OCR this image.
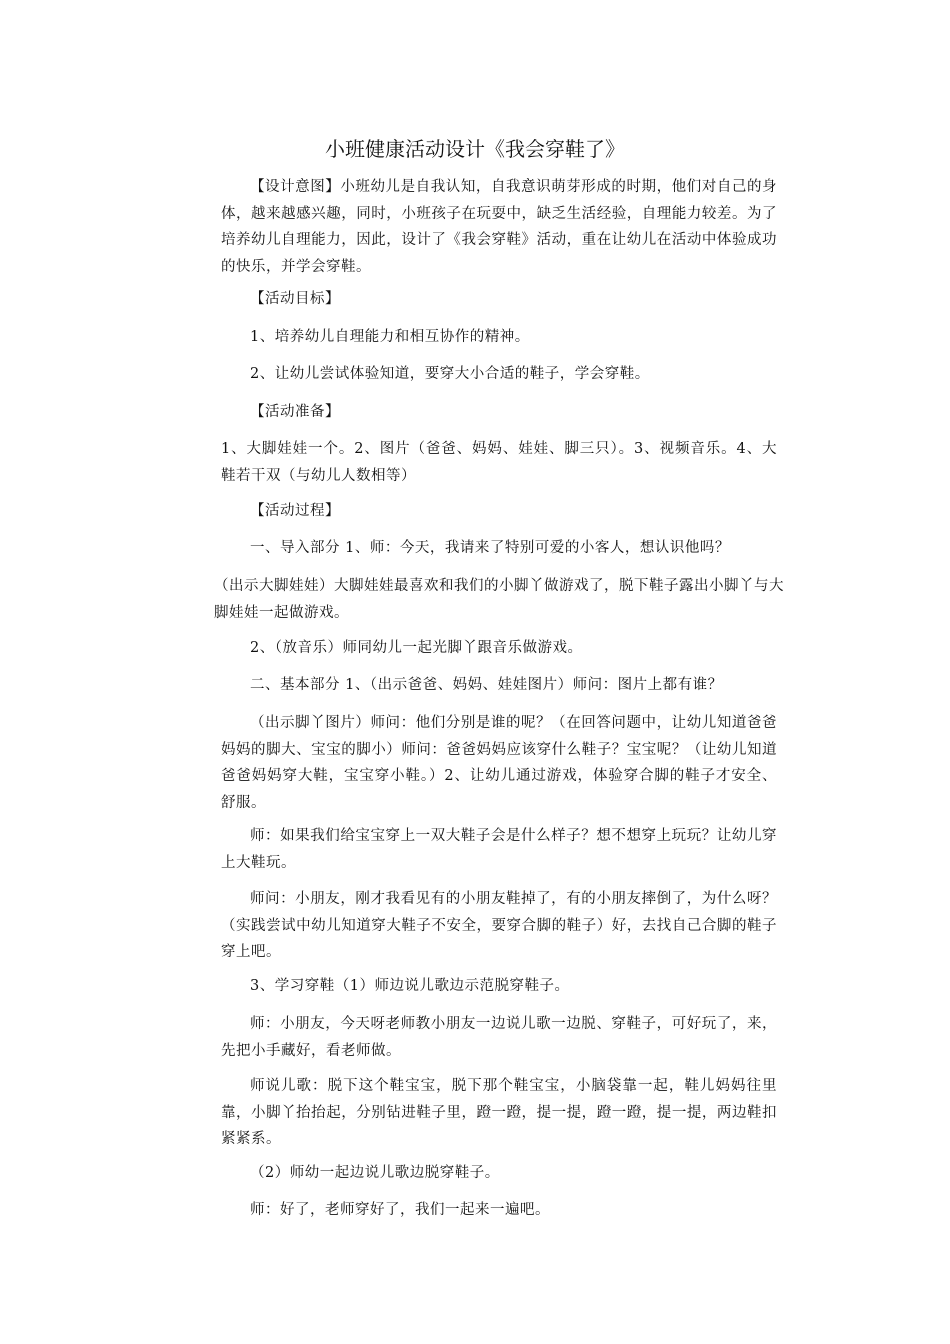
小班健康活动设计《我会穿鞋了》

【设计意图】小班幼儿是自我认知，自我意识萌芽形成的时期，他们对自己的身体，越来越感兴趣，同时，小班孩子在玩耍中，缺乏生活经验，自理能力较差。为了培养幼儿自理能力，因此，设计了《我会穿鞋》活动，重在让幼儿在活动中体验成功的快乐，并学会穿鞋。

【活动目标】

1、培养幼儿自理能力和相互协作的精神。

2、让幼儿尝试体验知道，要穿大小合适的鞋子，学会穿鞋。

【活动准备】

1、大脚娃娃一个。2、图片（爸爸、妈妈、娃娃、脚三只）。3、视频音乐。4、大鞋若干双（与幼儿人数相等）

【活动过程】

一、导入部分 1、师：今天，我请来了特别可爱的小客人，想认识他吗？

（出示大脚娃娃）大脚娃娃最喜欢和我们的小脚丫做游戏了，脱下鞋子露出小脚丫与大脚娃娃一起做游戏。

2、（放音乐）师同幼儿一起光脚丫跟音乐做游戏。

二、基本部分 1、（出示爸爸、妈妈、娃娃图片）师问：图片上都有谁？

（出示脚丫图片）师问：他们分别是谁的呢？（在回答问题中，让幼儿知道爸爸妈妈的脚大、宝宝的脚小）师问：爸爸妈妈应该穿什么鞋子？宝宝呢？（让幼儿知道爸爸妈妈穿大鞋，宝宝穿小鞋。）2、让幼儿通过游戏，体验穿合脚的鞋子才安全、舒服。

师：如果我们给宝宝穿上一双大鞋子会是什么样子？想不想穿上玩玩？让幼儿穿上大鞋玩。

师问：小朋友，刚才我看见有的小朋友鞋掉了，有的小朋友摔倒了，为什么呀？（实践尝试中幼儿知道穿大鞋子不安全，要穿合脚的鞋子）好，去找自己合脚的鞋子穿上吧。

3、学习穿鞋（1）师边说儿歌边示范脱穿鞋子。

师：小朋友，今天呀老师教小朋友一边说儿歌一边脱、穿鞋子，可好玩了，来，先把小手藏好，看老师做。

师说儿歌：脱下这个鞋宝宝，脱下那个鞋宝宝，小脑袋靠一起，鞋儿妈妈往里靠，小脚丫抬抬起，分别钻进鞋子里，蹬一蹬，提一提，蹬一蹬，提一提，两边鞋扣紧紧系。

（2）师幼一起边说儿歌边脱穿鞋子。

师：好了，老师穿好了，我们一起来一遍吧。
